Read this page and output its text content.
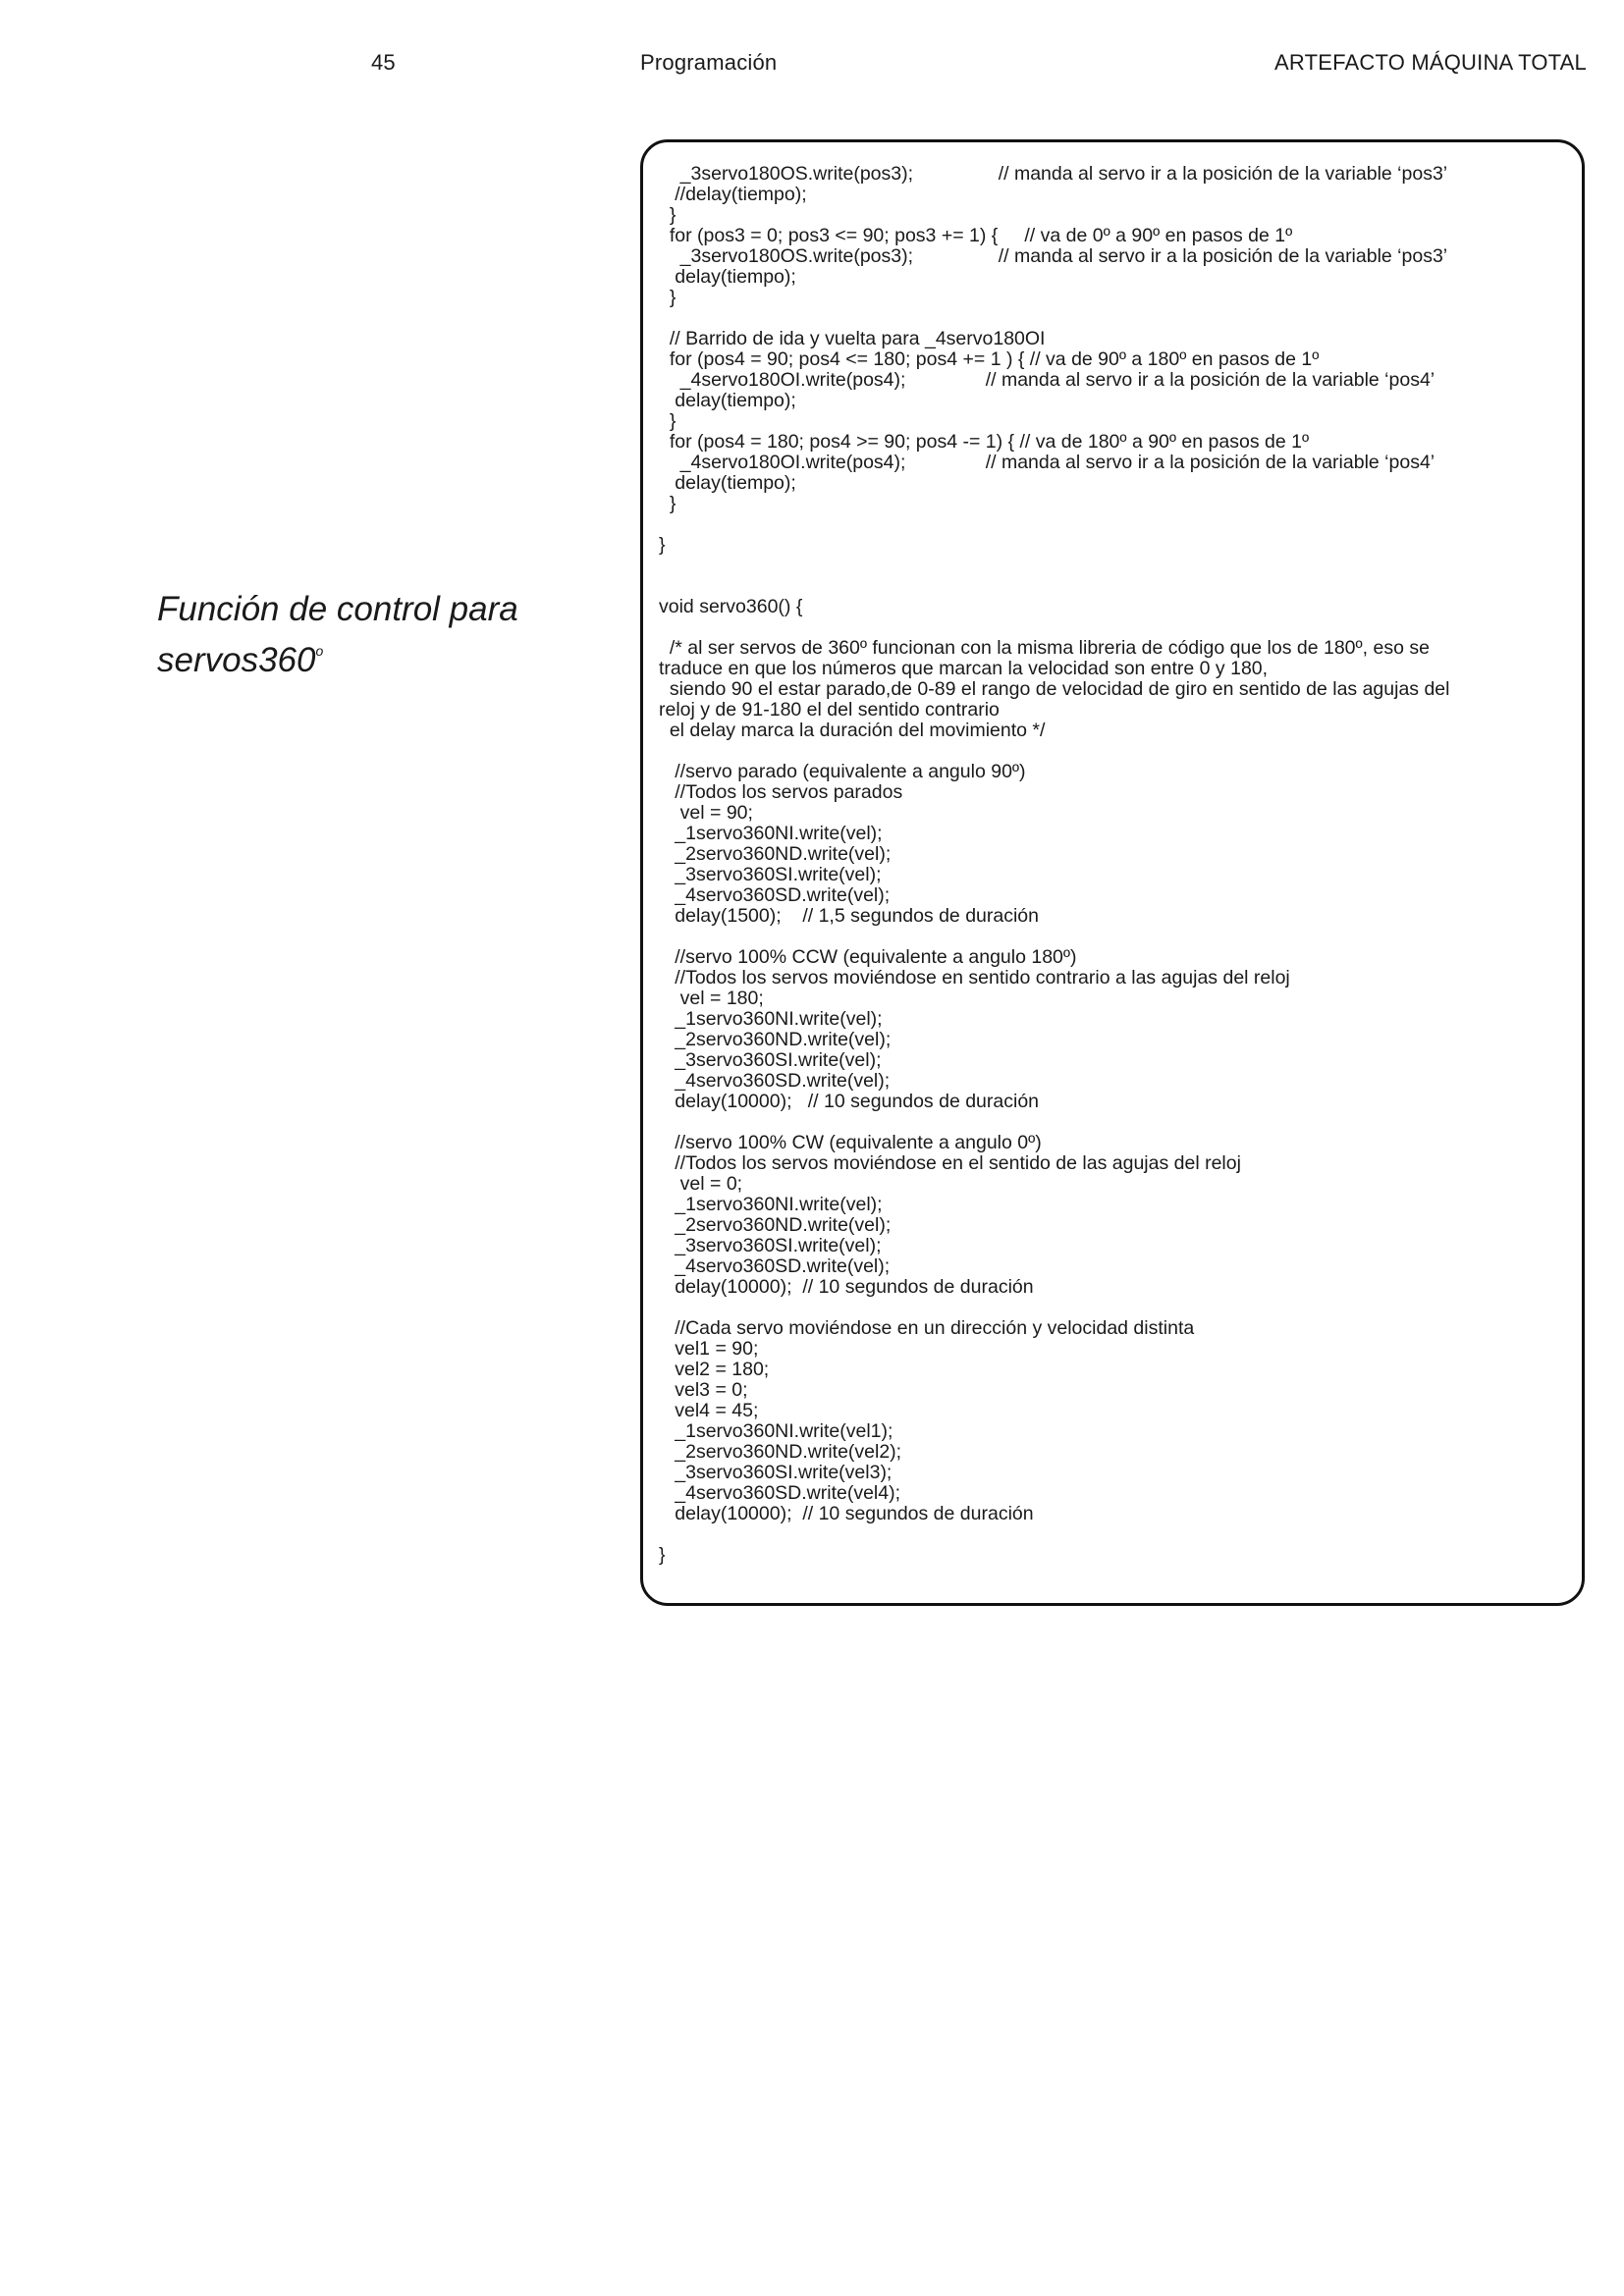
45	Programación	ARTEFACTO MÁQUINA TOTAL
Función de control para
servos360$^o$
_3servo180OS.write(pos3);                // manda al servo ir a la posición de la variable ‘pos3’
//delay(tiempo);
}
for (pos3 = 0; pos3 <= 90; pos3 += 1) {     // va de 0º a 90º en pasos de 1º
_3servo180OS.write(pos3);                // manda al servo ir a la posición de la variable ‘pos3’
delay(tiempo);
}
// Barrido de ida y vuelta para _4servo180OI
for (pos4 = 90; pos4 <= 180; pos4 += 1 ) { // va de 90º a 180º en pasos de 1º
_4servo180OI.write(pos4);               // manda al servo ir a la posición de la variable ‘pos4’
delay(tiempo);
}
for (pos4 = 180; pos4 >= 90; pos4 -= 1) { // va de 180º a 90º en pasos de 1º
_4servo180OI.write(pos4);               // manda al servo ir a la posición de la variable ‘pos4’
delay(tiempo);
}
}
void servo360() {
/* al ser servos de 360º funcionan con la misma libreria de código que los de 180º, eso se
traduce en que los números que marcan la velocidad son entre 0 y 180,
siendo 90 el estar parado,de 0-89 el rango de velocidad de giro en sentido de las agujas del
reloj y de 91-180 el del sentido contrario
el delay marca la duración del movimiento */
//servo parado (equivalente a angulo 90º)
//Todos los servos parados
vel = 90;
_1servo360NI.write(vel);
_2servo360ND.write(vel);
_3servo360SI.write(vel);
_4servo360SD.write(vel);
delay(1500);    // 1,5 segundos de duración
//servo 100% CCW (equivalente a angulo 180º)
//Todos los servos moviéndose en sentido contrario a las agujas del reloj
vel = 180;
_1servo360NI.write(vel);
_2servo360ND.write(vel);
_3servo360SI.write(vel);
_4servo360SD.write(vel);
delay(10000);   // 10 segundos de duración
//servo 100% CW (equivalente a angulo 0º)
//Todos los servos moviéndose en el sentido de las agujas del reloj
vel = 0;
_1servo360NI.write(vel);
_2servo360ND.write(vel);
_3servo360SI.write(vel);
_4servo360SD.write(vel);
delay(10000);  // 10 segundos de duración
//Cada servo moviéndose en un dirección y velocidad distinta
vel1 = 90;
vel2 = 180;
vel3 = 0;
vel4 = 45;
_1servo360NI.write(vel1);
_2servo360ND.write(vel2);
_3servo360SI.write(vel3);
_4servo360SD.write(vel4);
delay(10000);  // 10 segundos de duración
}
